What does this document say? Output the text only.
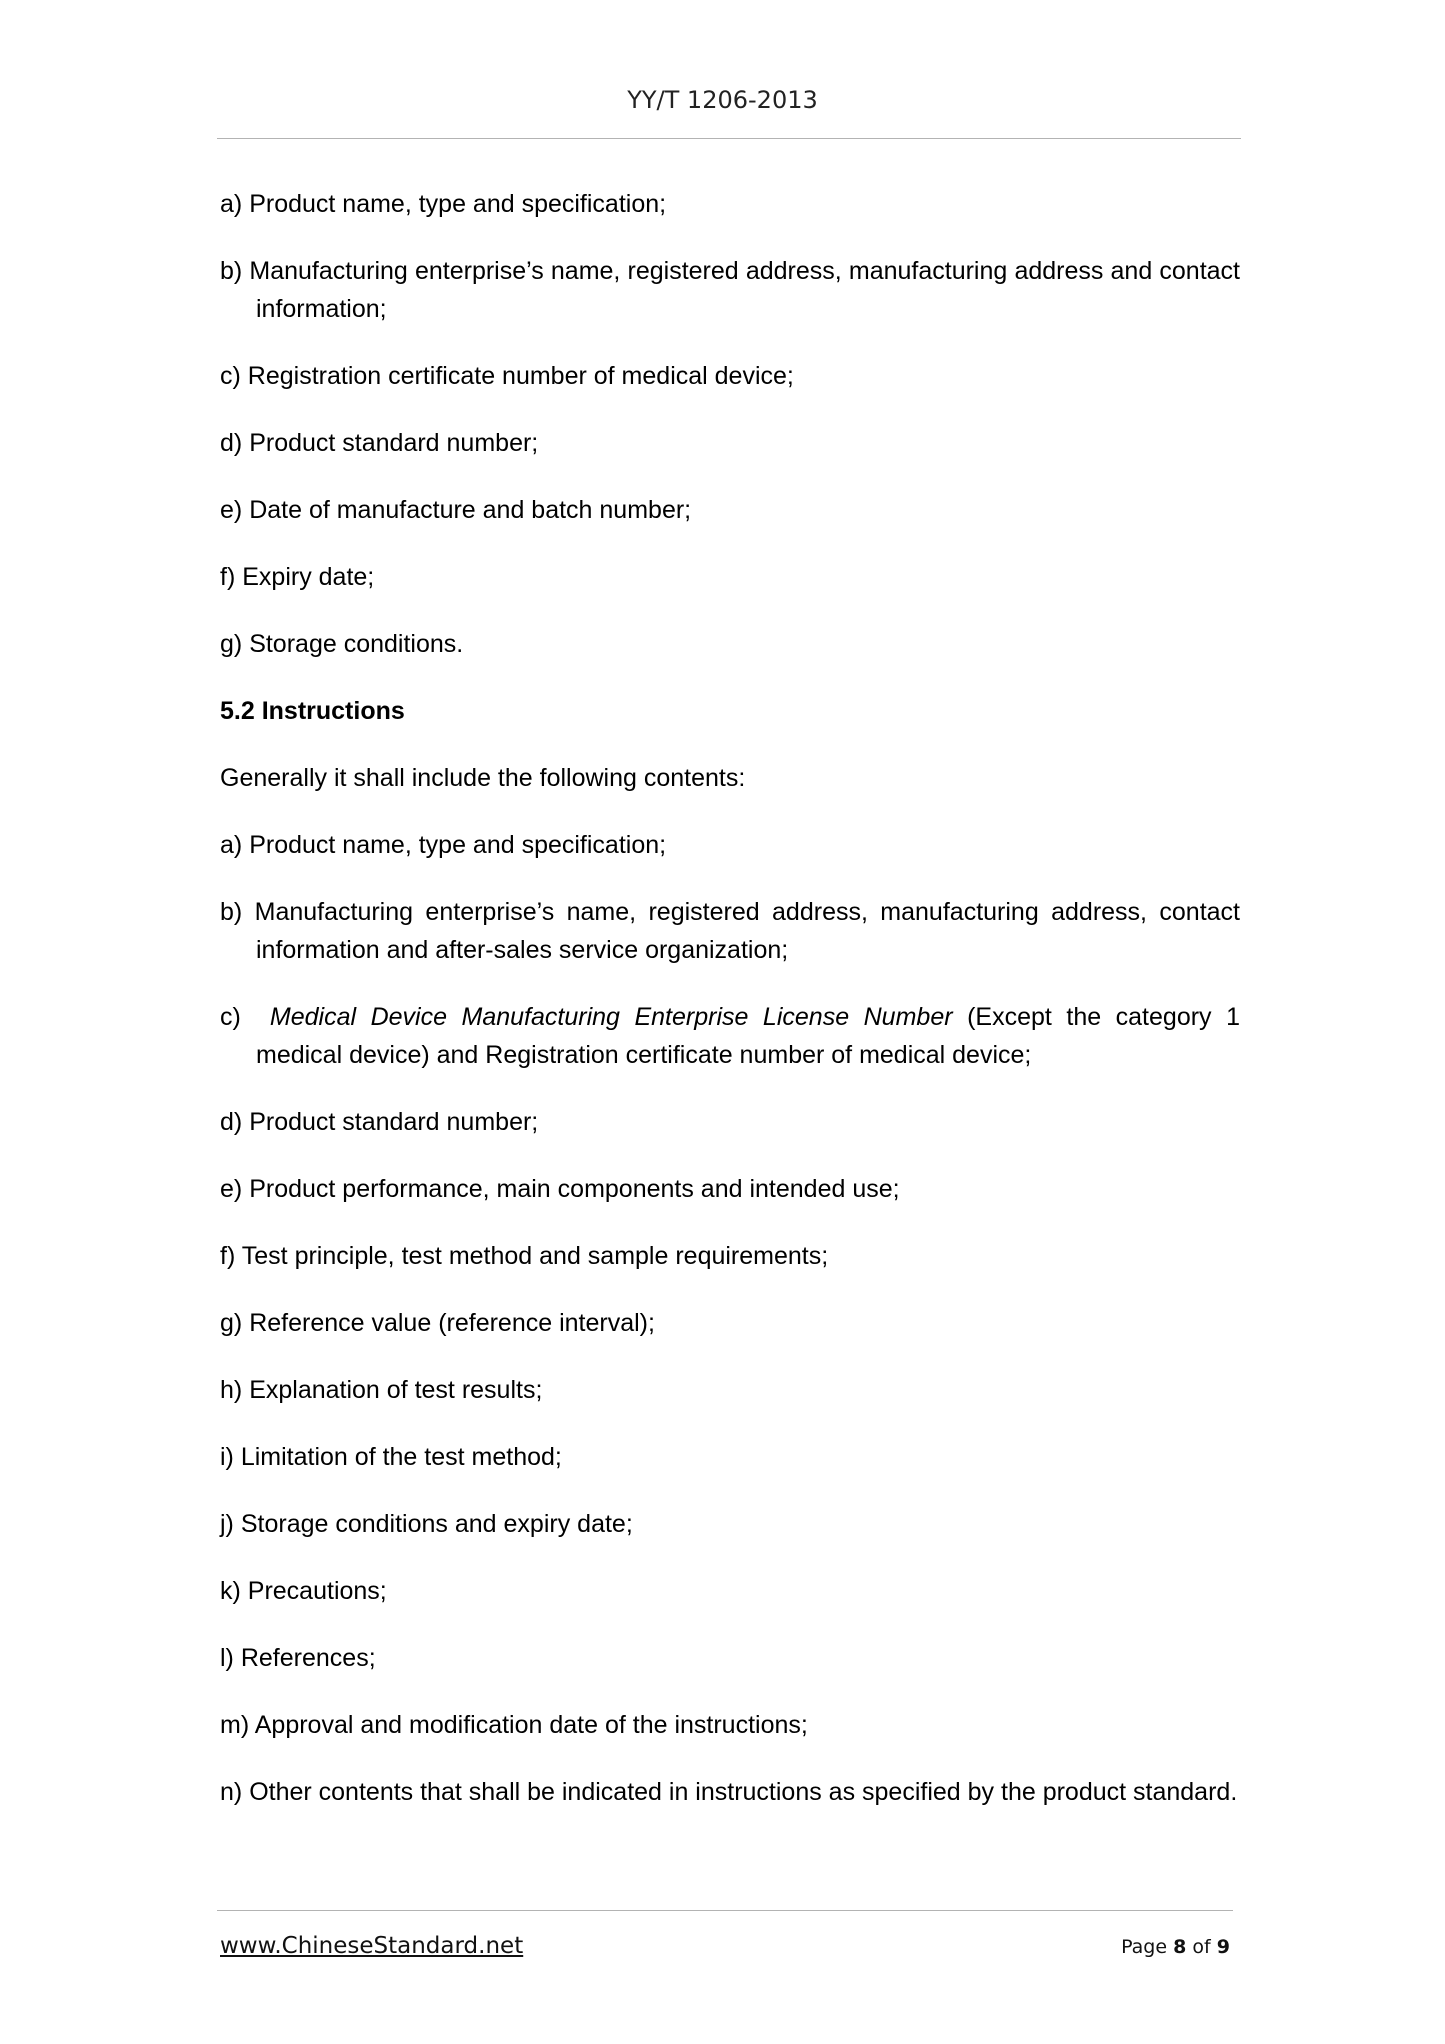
YY/T 1206-2013

a) Product name, type and specification;

b) Manufacturing enterprise’s name, registered address, manufacturing address and contact information;

c) Registration certificate number of medical device;

d) Product standard number;

e) Date of manufacture and batch number;

f) Expiry date;

g) Storage conditions.

5.2 Instructions

Generally it shall include the following contents:

a) Product name, type and specification;

b) Manufacturing enterprise’s name, registered address, manufacturing address, contact information and after-sales service organization;

c) Medical Device Manufacturing Enterprise License Number (Except the category 1 medical device) and Registration certificate number of medical device;

d) Product standard number;

e) Product performance, main components and intended use;

f) Test principle, test method and sample requirements;

g) Reference value (reference interval);

h) Explanation of test results;

i) Limitation of the test method;

j) Storage conditions and expiry date;

k) Precautions;

l) References;

m) Approval and modification date of the instructions;

n) Other contents that shall be indicated in instructions as specified by the product standard.

www.ChineseStandard.net	Page 8 of 9
